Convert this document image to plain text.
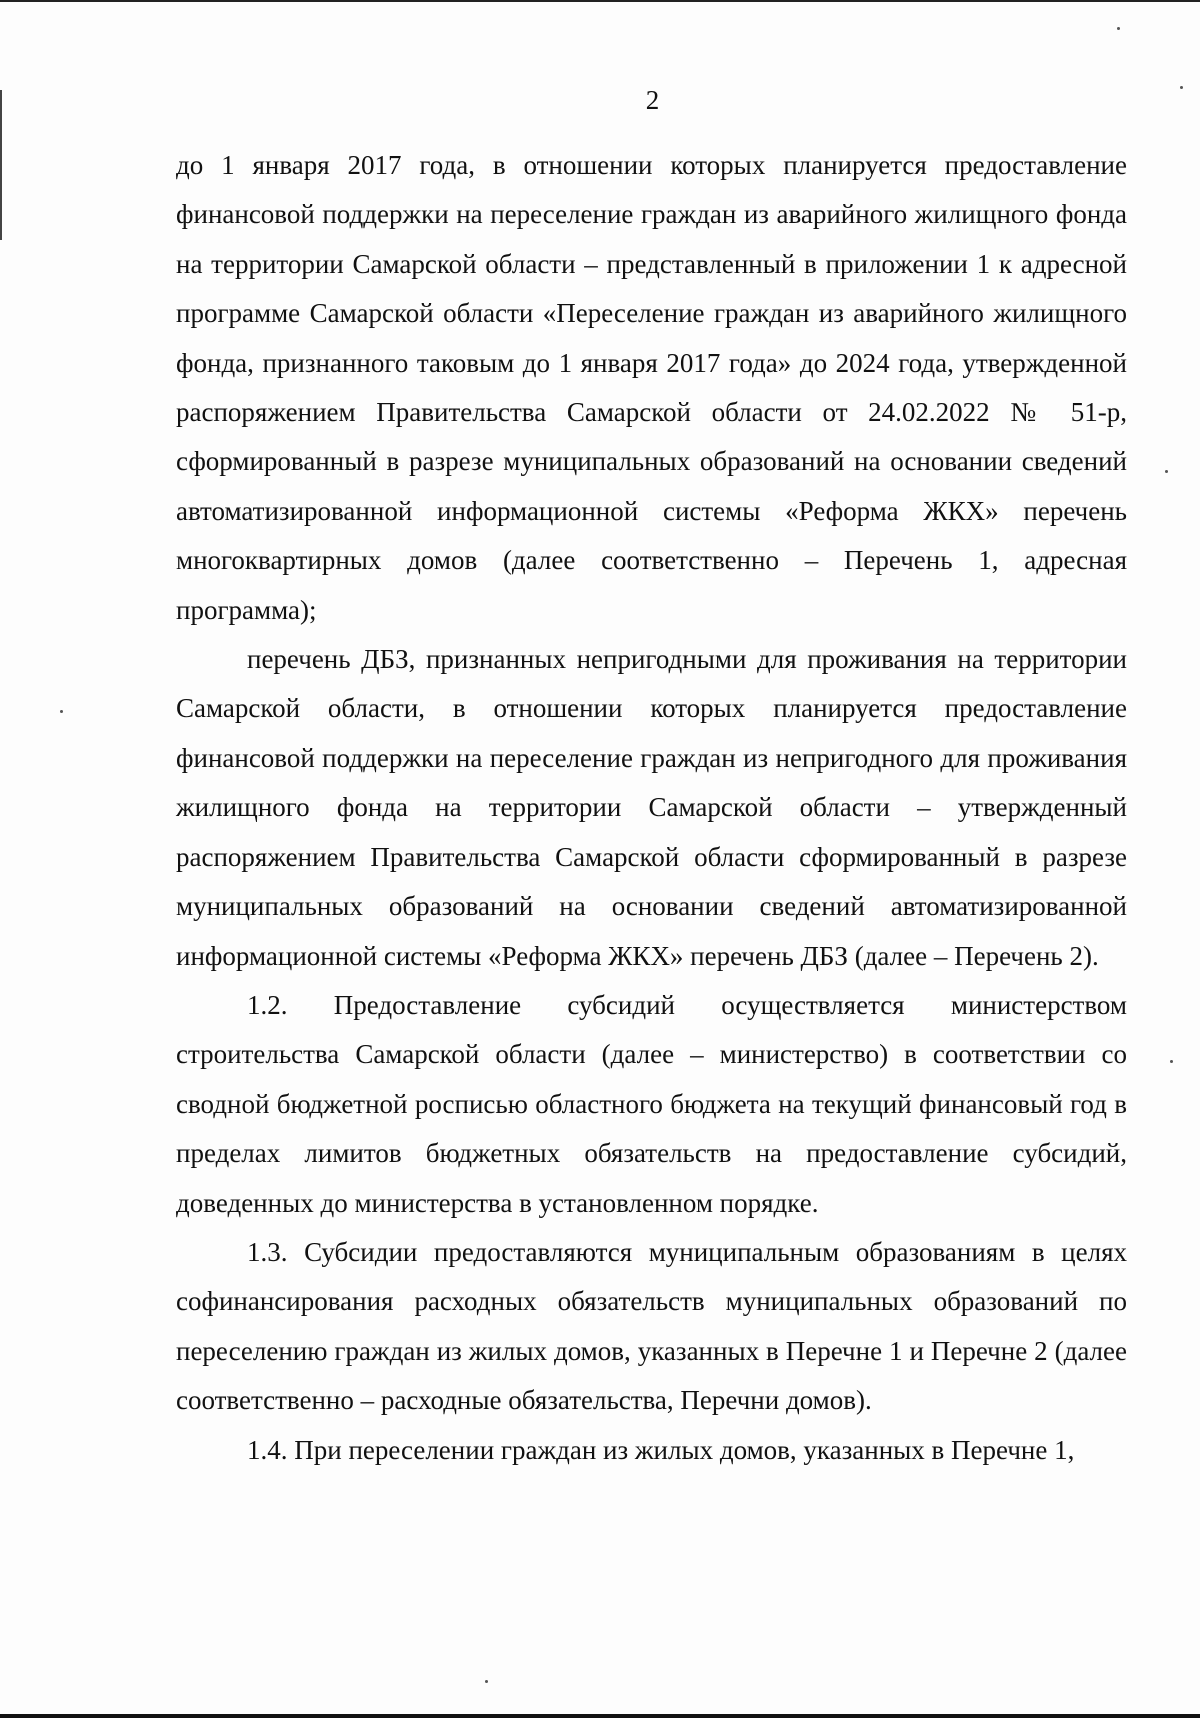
2

до 1 января 2017 года, в отношении которых планируется предоставление финансовой поддержки на переселение граждан из аварийного жилищного фонда на территории Самарской области – представленный в приложении 1 к адресной программе Самарской области «Переселение граждан из аварийного жилищного фонда, признанного таковым до 1 января 2017 года» до 2024 года, утвержденной распоряжением Правительства Самарской области от 24.02.2022 № 51-р, сформированный в разрезе муниципальных образований на основании сведений автоматизированной информационной системы «Реформа ЖКХ» перечень многоквартирных домов (далее соответственно – Перечень 1, адресная программа);

перечень ДБЗ, признанных непригодными для проживания на территории Самарской области, в отношении которых планируется предоставление финансовой поддержки на переселение граждан из непригодного для проживания жилищного фонда на территории Самарской области – утвержденный распоряжением Правительства Самарской области сформированный в разрезе муниципальных образований на основании сведений автоматизированной информационной системы «Реформа ЖКХ» перечень ДБЗ (далее – Перечень 2).

1.2. Предоставление субсидий осуществляется министерством строительства Самарской области (далее – министерство) в соответствии со сводной бюджетной росписью областного бюджета на текущий финансовый год в пределах лимитов бюджетных обязательств на предоставление субсидий, доведенных до министерства в установленном порядке.

1.3. Субсидии предоставляются муниципальным образованиям в целях софинансирования расходных обязательств муниципальных образований по переселению граждан из жилых домов, указанных в Перечне 1 и Перечне 2 (далее соответственно – расходные обязательства, Перечни домов).

1.4. При переселении граждан из жилых домов, указанных в Перечне 1,
